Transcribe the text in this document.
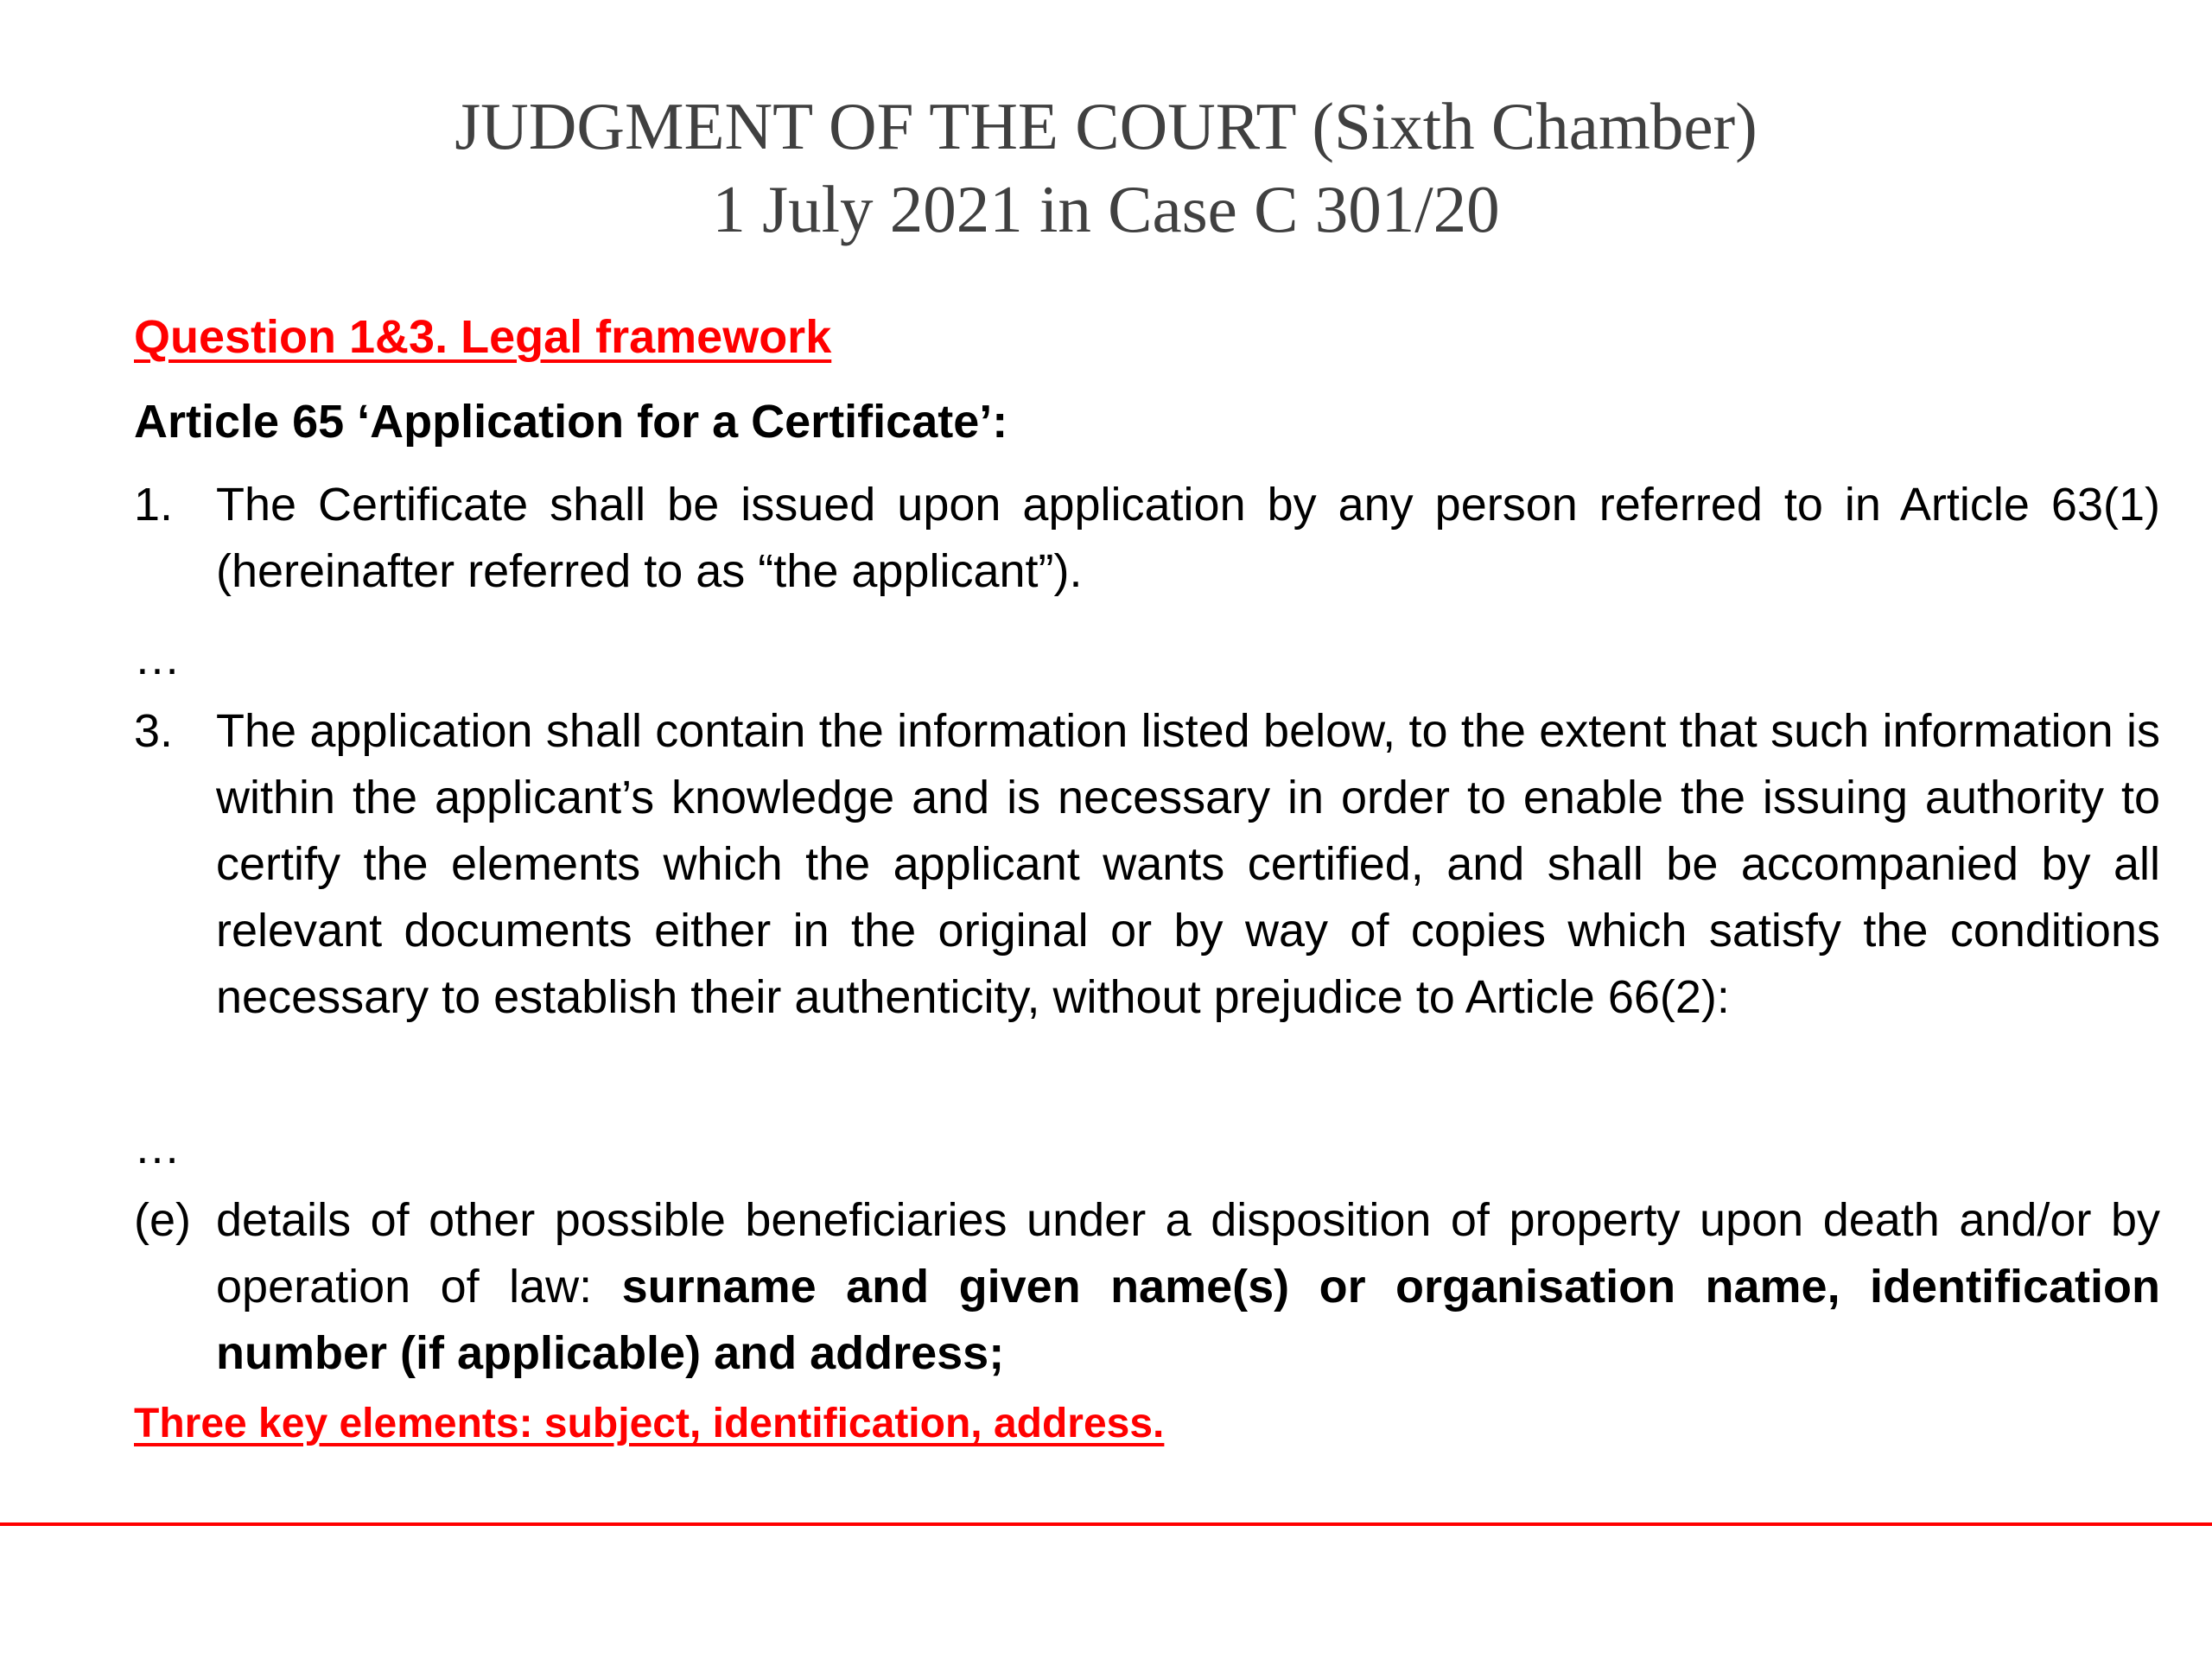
JUDGMENT OF THE COURT (Sixth Chamber)
1 July 2021 in Case C 301/20
Question 1&3. Legal framework
Article 65 ‘Application for a Certificate’:
1. The Certificate shall be issued upon application by any person referred to in Article 63(1) (hereinafter referred to as “the applicant”).
…
3. The application shall contain the information listed below, to the extent that such information is within the applicant’s knowledge and is necessary in order to enable the issuing authority to certify the elements which the applicant wants certified, and shall be accompanied by all relevant documents either in the original or by way of copies which satisfy the conditions necessary to establish their authenticity, without prejudice to Article 66(2):
…
(e) details of other possible beneficiaries under a disposition of property upon death and/or by operation of law: surname and given name(s) or organisation name, identification number (if applicable) and address;
Three key elements: subject, identification, address.
